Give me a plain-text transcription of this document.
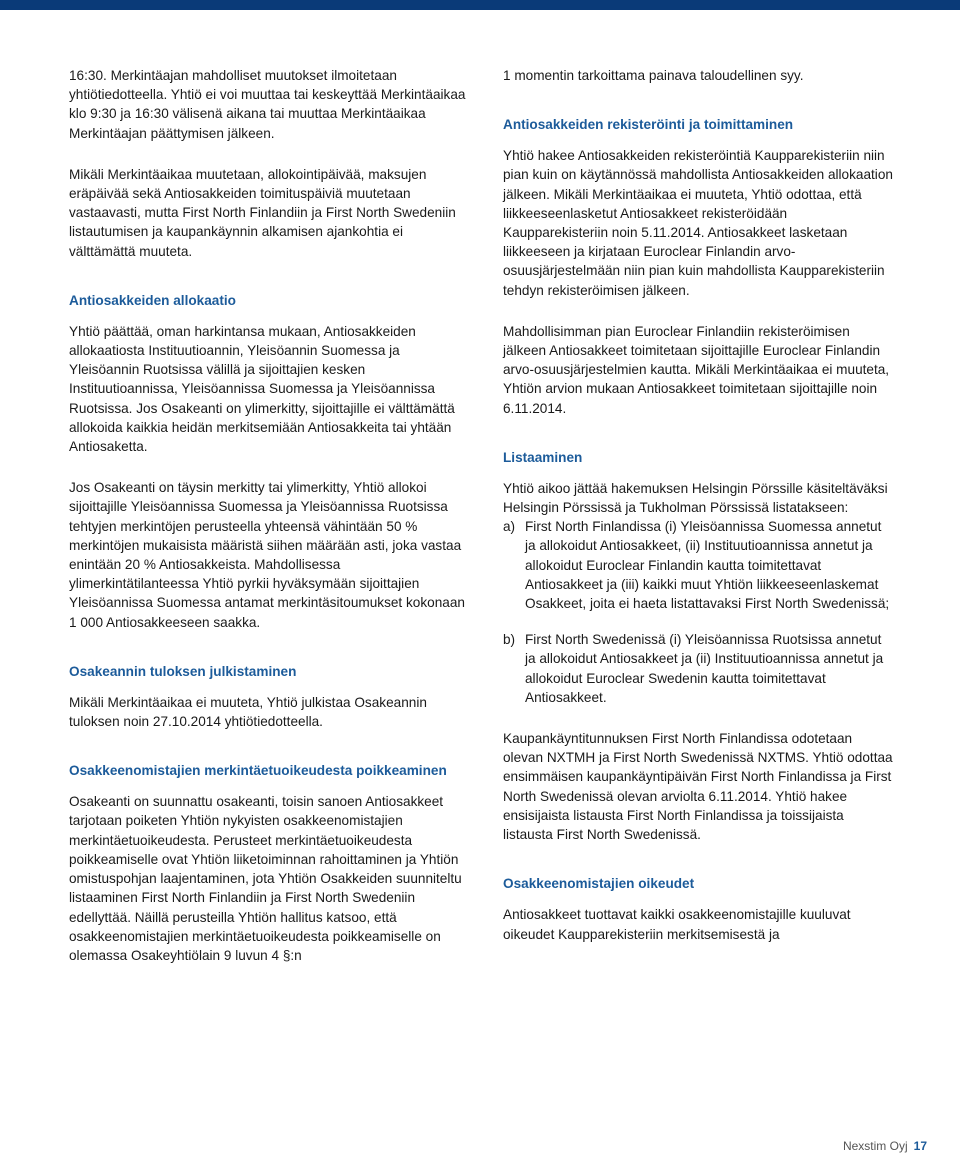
16:30. Merkintäajan mahdolliset muutokset ilmoitetaan yhtiötiedotteella. Yhtiö ei voi muuttaa tai keskeyttää Merkintäaikaa klo 9:30 ja 16:30 välisenä aikana tai muuttaa Merkintäaikaa Merkintäajan päättymisen jälkeen.

Mikäli Merkintäaikaa muutetaan, allokointipäivää, maksujen eräpäivää sekä Antiosakkeiden toimituspäiviä muutetaan vastaavasti, mutta First North Finlandiin ja First North Swedeniin listautumisen ja kaupankäynnin alkamisen ajankohtia ei välttämättä muuteta.

Antiosakkeiden allokaatio

Yhtiö päättää, oman harkintansa mukaan, Antiosakkeiden allokaatiosta Instituutioannin, Yleisöannin Suomessa ja Yleisöannin Ruotsissa välillä ja sijoittajien kesken Instituutioannissa, Yleisöannissa Suomessa ja Yleisöannissa Ruotsissa. Jos Osakeanti on ylimerkitty, sijoittajille ei välttämättä allokoida kaikkia heidän merkitsemiään Antiosakkeita tai yhtään Antiosaketta.

Jos Osakeanti on täysin merkitty tai ylimerkitty, Yhtiö allokoi sijoittajille Yleisöannissa Suomessa ja Yleisöannissa Ruotsissa tehtyjen merkintöjen perusteella yhteensä vähintään 50 % merkintöjen mukaisista määristä siihen määrään asti, joka vastaa enintään 20 % Antiosakkeista. Mahdollisessa ylimerkintätilanteessa Yhtiö pyrkii hyväksymään sijoittajien Yleisöannissa Suomessa antamat merkintäsitoumukset kokonaan 1 000 Antiosakkeeseen saakka.

Osakeannin tuloksen julkistaminen

Mikäli Merkintäaikaa ei muuteta, Yhtiö julkistaa Osakeannin tuloksen noin 27.10.2014 yhtiötiedotteella.

Osakkeenomistajien merkintäetuoikeudesta poikkeaminen

Osakeanti on suunnattu osakeanti, toisin sanoen Antiosakkeet tarjotaan poiketen Yhtiön nykyisten osakkeenomistajien merkintäetuoikeudesta. Perusteet merkintäetuoikeudesta poikkeamiselle ovat Yhtiön liiketoiminnan rahoittaminen ja Yhtiön omistuspohjan laajentaminen, jota Yhtiön Osakkeiden suunniteltu listaaminen First North Finlandiin ja First North Swedeniin edellyttää. Näillä perusteilla Yhtiön hallitus katsoo, että osakkeenomistajien merkintäetuoikeudesta poikkeamiselle on olemassa Osakeyhtiölain 9 luvun 4 §:n

1 momentin tarkoittama painava taloudellinen syy.

Antiosakkeiden rekisteröinti ja toimittaminen

Yhtiö hakee Antiosakkeiden rekisteröintiä Kaupparekisteriin niin pian kuin on käytännössä mahdollista Antiosakkeiden allokaation jälkeen. Mikäli Merkintäaikaa ei muuteta, Yhtiö odottaa, että liikkeeseenlasketut Antiosakkeet rekisteröidään Kaupparekisteriin noin 5.11.2014. Antiosakkeet lasketaan liikkeeseen ja kirjataan Euroclear Finlandin arvo-osuusjärjestelmään niin pian kuin mahdollista Kaupparekisteriin tehdyn rekisteröimisen jälkeen.

Mahdollisimman pian Euroclear Finlandiin rekisteröimisen jälkeen Antiosakkeet toimitetaan sijoittajille Euroclear Finlandin arvo-osuusjärjestelmien kautta. Mikäli Merkintäaikaa ei muuteta, Yhtiön arvion mukaan Antiosakkeet toimitetaan sijoittajille noin 6.11.2014.

Listaaminen

Yhtiö aikoo jättää hakemuksen Helsingin Pörssille käsiteltäväksi Helsingin Pörssissä ja Tukholman Pörssissä listatakseen:

a) First North Finlandissa (i) Yleisöannissa Suomessa annetut ja allokoidut Antiosakkeet, (ii) Instituutioannissa annetut ja allokoidut Euroclear Finlandin kautta toimitettavat Antiosakkeet ja (iii) kaikki muut Yhtiön liikkeeseenlaskemat Osakkeet, joita ei haeta listattavaksi First North Swedenissä;
b) First North Swedenissä (i) Yleisöannissa Ruotsissa annetut ja allokoidut Antiosakkeet ja (ii) Instituutioannissa annetut ja allokoidut Euroclear Swedenin kautta toimitettavat Antiosakkeet.

Kaupankäyntitunnuksen First North Finlandissa odotetaan olevan NXTMH ja First North Swedenissä NXTMS. Yhtiö odottaa ensimmäisen kaupankäyntipäivän First North Finlandissa ja First North Swedenissä olevan arviolta 6.11.2014. Yhtiö hakee ensisijaista listausta First North Finlandissa ja toissijaista listausta First North Swedenissä.

Osakkeenomistajien oikeudet

Antiosakkeet tuottavat kaikki osakkeenomistajille kuuluvat oikeudet Kaupparekisteriin merkitsemisestä ja

Nexstim Oyj 17
